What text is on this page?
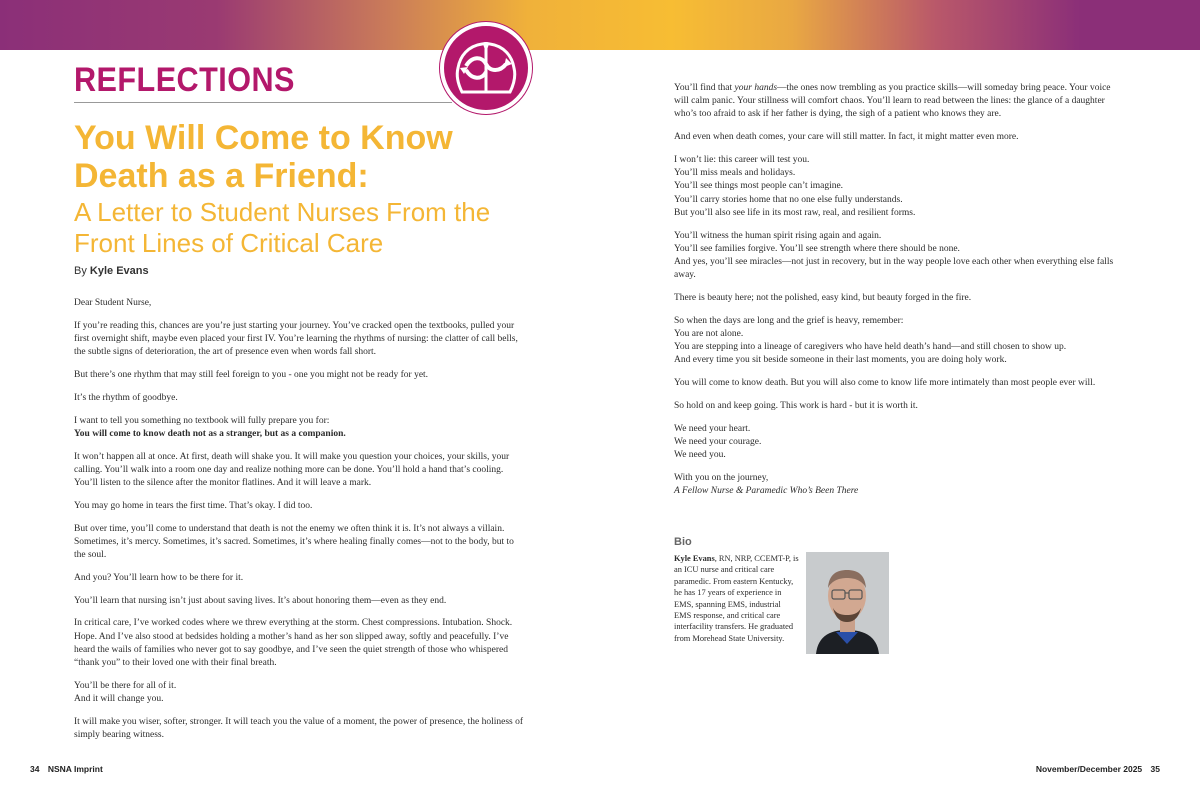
REFLECTIONS
You Will Come to Know Death as a Friend:
A Letter to Student Nurses From the Front Lines of Critical Care
By Kyle Evans

Dear Student Nurse,

If you’re reading this, chances are you’re just starting your journey. You’ve cracked open the textbooks, pulled your first overnight shift, maybe even placed your first IV. You’re learning the rhythms of nursing: the clatter of call bells, the subtle signs of deterioration, the art of presence even when words fall short.

But there’s one rhythm that may still feel foreign to you - one you might not be ready for yet.

It’s the rhythm of goodbye.

I want to tell you something no textbook will fully prepare you for:
You will come to know death not as a stranger, but as a companion.

It won’t happen all at once. At first, death will shake you. It will make you question your choices, your skills, your calling. You’ll walk into a room one day and realize nothing more can be done. You’ll hold a hand that’s cooling. You’ll listen to the silence after the monitor flatlines. And it will leave a mark.

You may go home in tears the first time. That’s okay. I did too.

But over time, you’ll come to understand that death is not the enemy we often think it is. It’s not always a villain. Sometimes, it’s mercy. Sometimes, it’s sacred. Sometimes, it’s where healing finally comes—not to the body, but to the soul.

And you? You’ll learn how to be there for it.

You’ll learn that nursing isn’t just about saving lives. It’s about honoring them—even as they end.

In critical care, I’ve worked codes where we threw everything at the storm. Chest compressions. Intubation. Shock. Hope. And I’ve also stood at bedsides holding a mother’s hand as her son slipped away, softly and peacefully. I’ve heard the wails of families who never got to say goodbye, and I’ve seen the quiet strength of those who whispered “thank you” to their loved one with their final breath.

You’ll be there for all of it.
And it will change you.

It will make you wiser, softer, stronger. It will teach you the value of a moment, the power of presence, the holiness of simply bearing witness.

You’ll find that your hands—the ones now trembling as you practice skills—will someday bring peace. Your voice will calm panic. Your stillness will comfort chaos. You’ll learn to read between the lines: the glance of a daughter who’s too afraid to ask if her father is dying, the sigh of a patient who knows they are.

And even when death comes, your care will still matter. In fact, it might matter even more.

I won’t lie: this career will test you.
You’ll miss meals and holidays.
You’ll see things most people can’t imagine.
You’ll carry stories home that no one else fully understands.
But you’ll also see life in its most raw, real, and resilient forms.

You’ll witness the human spirit rising again and again.
You’ll see families forgive. You’ll see strength where there should be none.
And yes, you’ll see miracles—not just in recovery, but in the way people love each other when everything else falls away.

There is beauty here; not the polished, easy kind, but beauty forged in the fire.

So when the days are long and the grief is heavy, remember:
You are not alone.
You are stepping into a lineage of caregivers who have held death’s hand—and still chosen to show up.
And every time you sit beside someone in their last moments, you are doing holy work.

You will come to know death. But you will also come to know life more intimately than most people ever will.

So hold on and keep going. This work is hard - but it is worth it.

We need your heart.
We need your courage.
We need you.

With you on the journey,
A Fellow Nurse & Paramedic Who’s Been There

Bio
Kyle Evans, RN, NRP, CCEMT-P, is an ICU nurse and critical care paramedic. From eastern Kentucky, he has 17 years of experience in EMS, spanning EMS, industrial EMS response, and critical care interfacility transfers. He graduated from Morehead State University.
34 NSNA Imprint	November/December 2025 35
